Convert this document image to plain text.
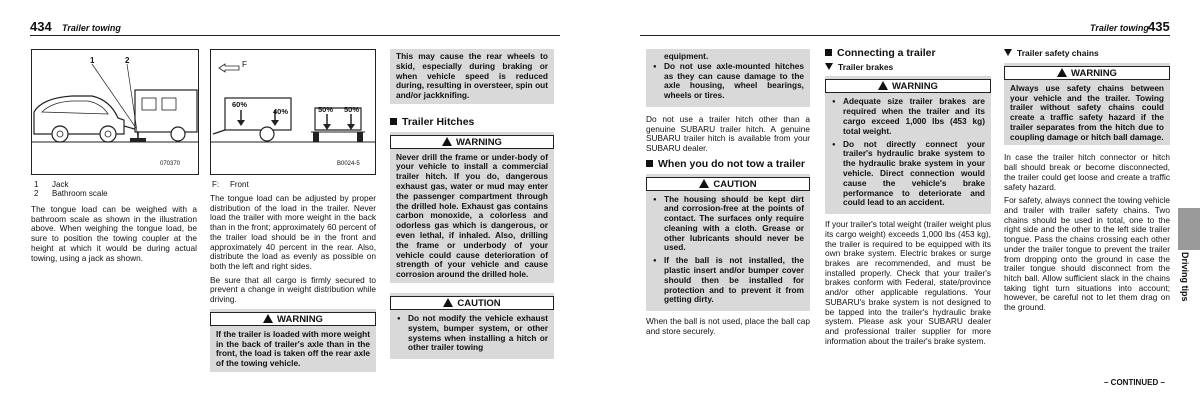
434 Trailer towing	Trailer towing 435
1	2
070370
1 Jack
2 Bathroom scale

The tongue load can be weighed with a bathroom scale as shown in the illustration above. When weighing the tongue load, be sure to position the towing coupler at the height at which it would be during actual towing, using a jack as shown.

F
60%
40%	50% 50%
B0024-5
F: Front

The tongue load can be adjusted by proper distribution of the load in the trailer. Never load the trailer with more weight in the back than in the front; approximately 60 percent of the trailer load should be in the front and approximately 40 percent in the rear. Also, distribute the load as evenly as possible on both the left and right sides.

Be sure that all cargo is firmly secured to prevent a change in weight distribution while driving.

WARNING
If the trailer is loaded with more weight in the back of trailer's axle than in the front, the load is taken off the rear axle of the towing vehicle.
This may cause the rear wheels to skid, especially during braking or when vehicle speed is reduced during, resulting in oversteer, spin out and/or jackknifing.
Trailer Hitches
WARNING
Never drill the frame or under-body of your vehicle to install a commercial trailer hitch. If you do, dangerous exhaust gas, water or mud may enter the passenger compartment through the drilled hole. Exhaust gas contains carbon monoxide, a colorless and odorless gas which is dangerous, or even lethal, if inhaled. Also, drilling the frame or underbody of your vehicle could cause deterioration of strength of your vehicle and cause corrosion around the drilled hole.
CAUTION
● Do not modify the vehicle exhaust system, bumper system, or other systems when installing a hitch or other trailer towing
equipment.
● Do not use axle-mounted hitches as they can cause damage to the axle housing, wheel bearings, wheels or tires.

Do not use a trailer hitch other than a genuine SUBARU trailer hitch. A genuine SUBARU trailer hitch is available from your SUBARU dealer.

When you do not tow a trailer
CAUTION
● The housing should be kept dirt and corrosion-free at the points of contact. The surfaces only require cleaning with a cloth. Grease or other lubricants should never be used.
● If the ball is not installed, the plastic insert and/or bumper cover should then be installed for protection and to prevent it from getting dirty.

When the ball is not used, place the ball cap and store securely.

Connecting a trailer
Trailer brakes
WARNING
● Adequate size trailer brakes are required when the trailer and its cargo exceed 1,000 lbs (453 kg) total weight.
● Do not directly connect your trailer's hydraulic brake system to the hydraulic brake system in your vehicle. Direct connection would cause the vehicle's brake performance to deteriorate and could lead to an accident.

If your trailer's total weight (trailer weight plus its cargo weight) exceeds 1,000 lbs (453 kg), the trailer is required to be equipped with its own brake system. Electric brakes or surge brakes are recommended, and must be installed properly. Check that your trailer's brakes conform with Federal, state/province and/or other applicable regulations. Your SUBARU's brake system is not designed to be tapped into the trailer's hydraulic brake system. Please ask your SUBARU dealer and professional trailer supplier for more information about the trailer's brake system.

Trailer safety chains
WARNING
Always use safety chains between your vehicle and the trailer. Towing trailer without safety chains could create a traffic safety hazard if the trailer separates from the hitch due to coupling damage or hitch ball damage.

In case the trailer hitch connector or hitch ball should break or become disconnected, the trailer could get loose and create a traffic safety hazard.

For safety, always connect the towing vehicle and trailer with trailer safety chains. Two chains should be used in total, one to the right side and the other to the left side trailer tongue. Pass the chains crossing each other under the trailer tongue to prevent the trailer from dropping onto the ground in case the trailer tongue should disconnect from the hitch ball. Allow sufficient slack in the chains taking tight turn situations into account; however, be careful not to let them drag on the ground.

Driving tips
– CONTINUED –
